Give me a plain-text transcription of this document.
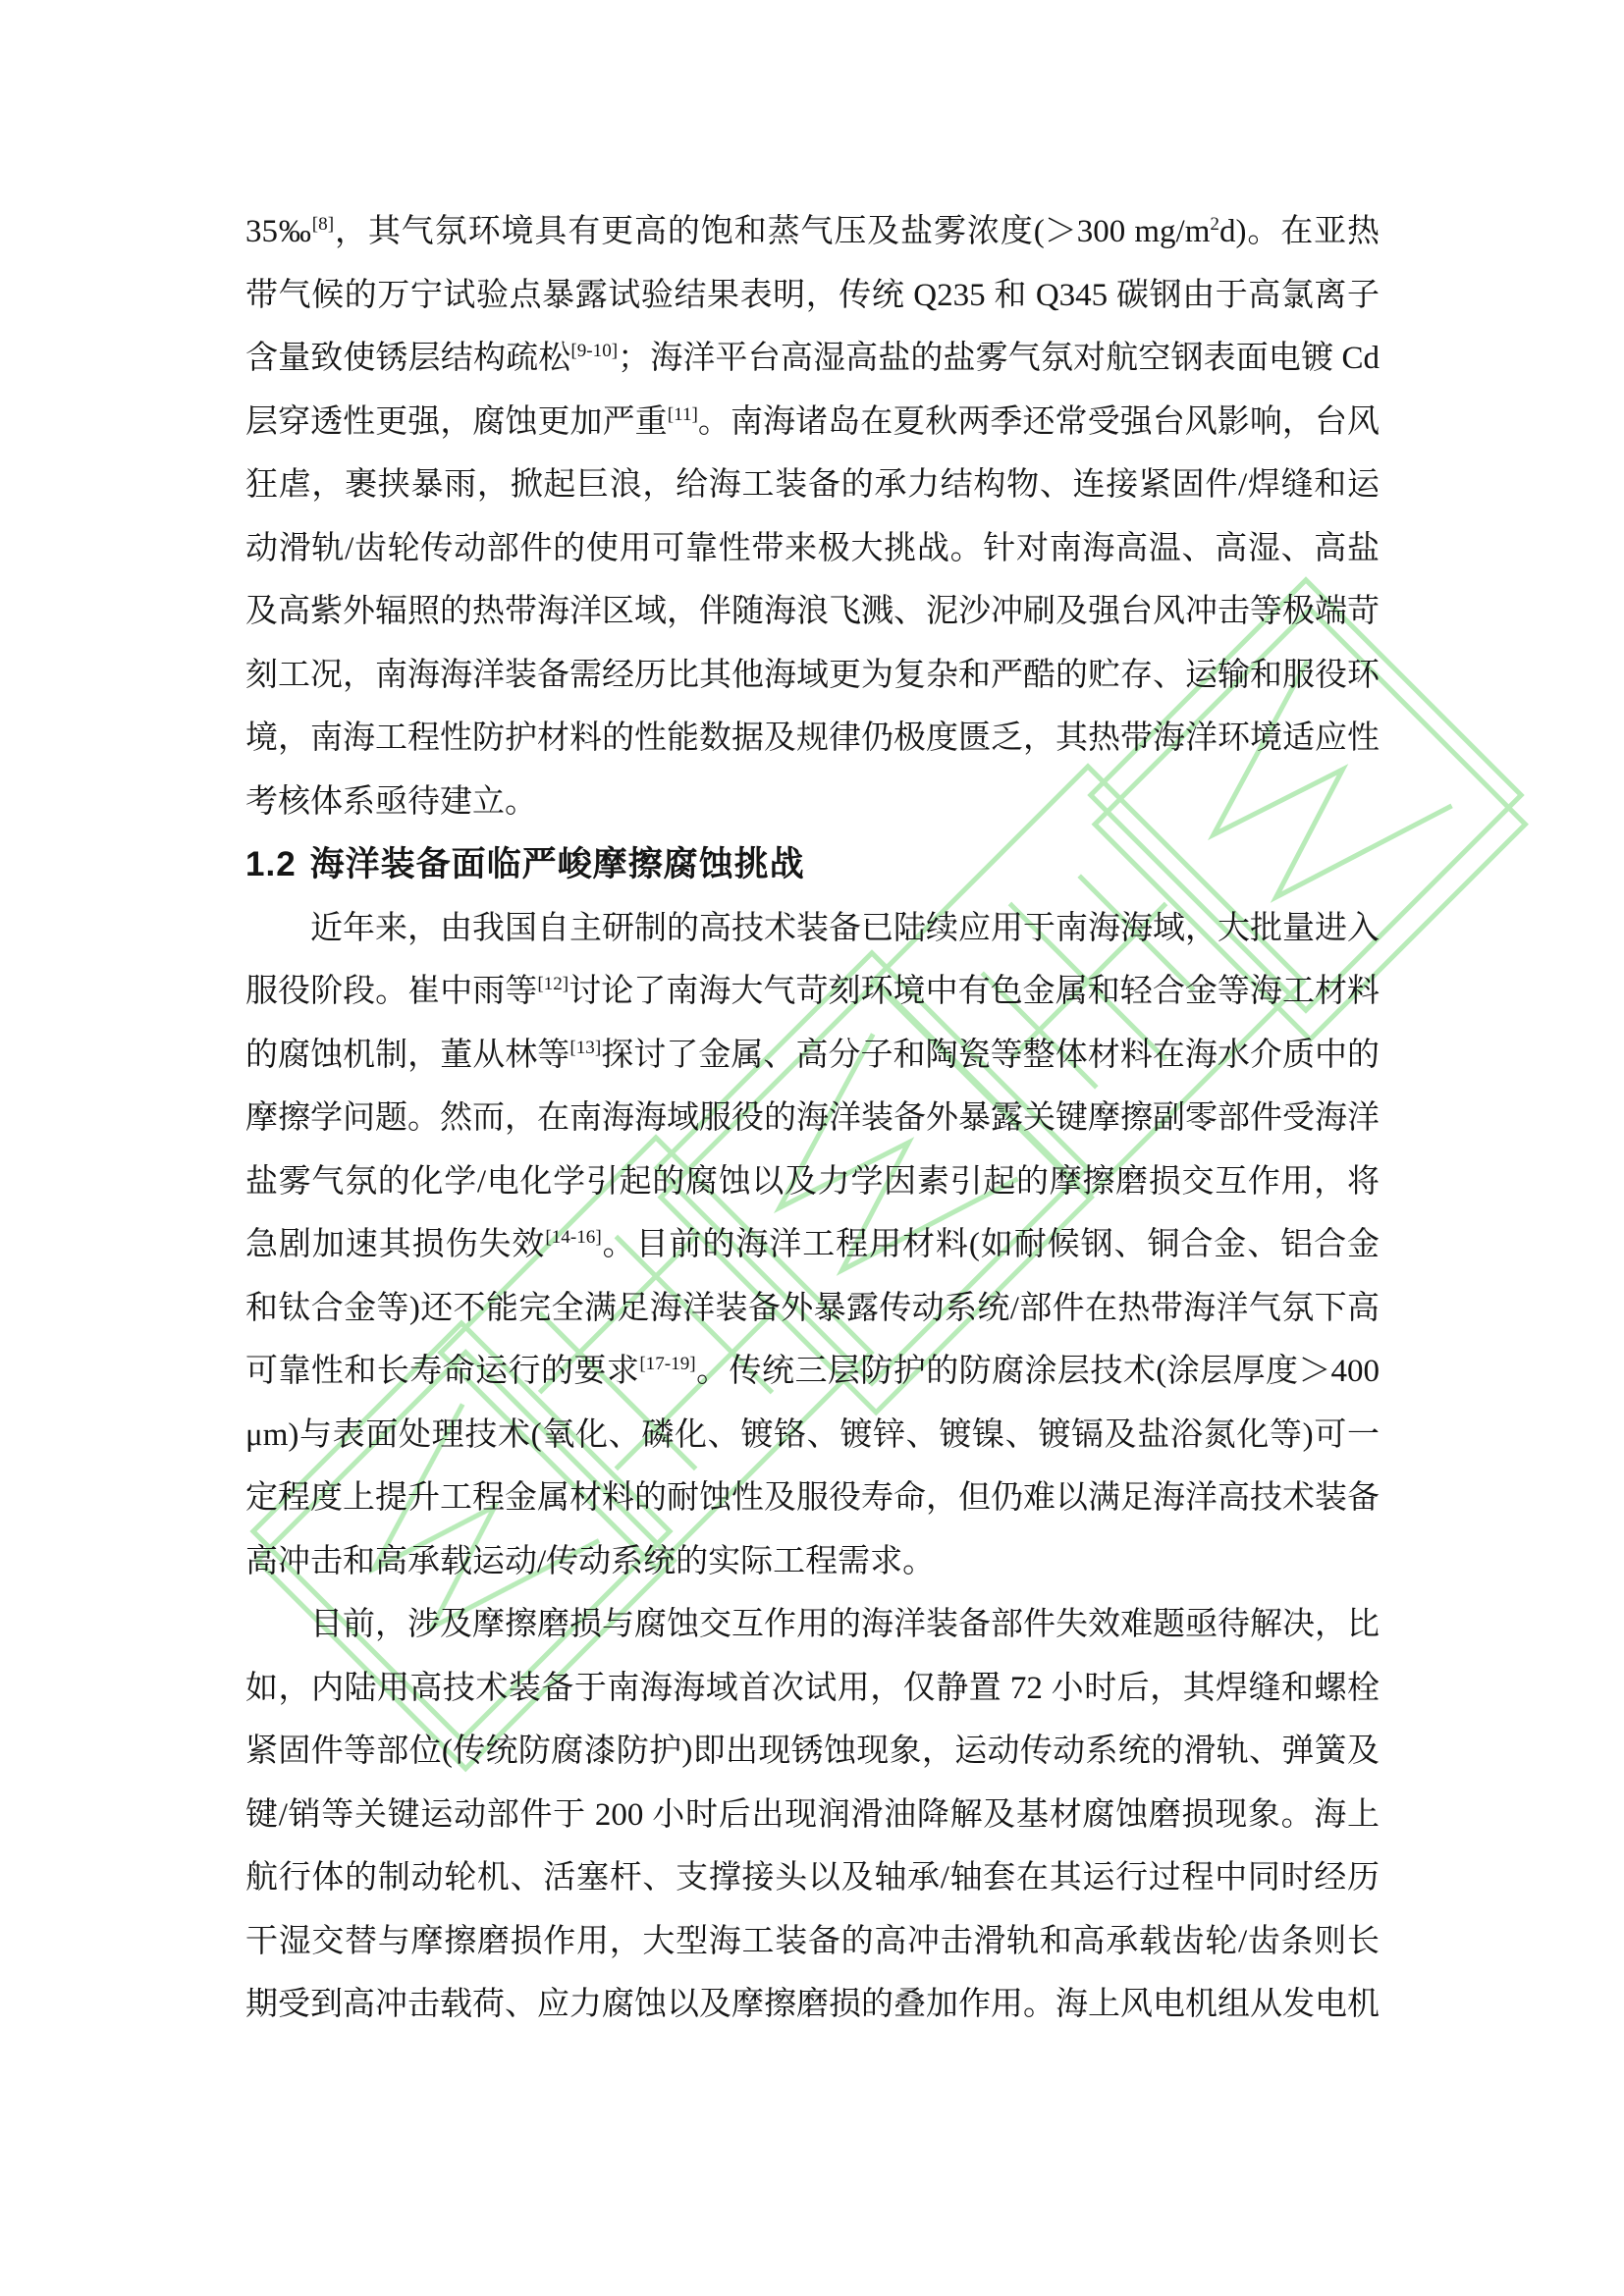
35‰[8]，其气氛环境具有更高的饱和蒸气压及盐雾浓度(＞300 $mg/m^2d$)。在亚热
带气候的万宁试验点暴露试验结果表明，传统 Q235 和 Q345 碳钢由于高氯离子
含量致使锈层结构疏松[9-10]；海洋平台高湿高盐的盐雾气氛对航空钢表面电镀 Cd
层穿透性更强，腐蚀更加严重[11]。南海诸岛在夏秋两季还常受强台风影响，台风
狂虐，裹挟暴雨，掀起巨浪，给海工装备的承力结构物、连接紧固件/焊缝和运
动滑轨/齿轮传动部件的使用可靠性带来极大挑战。针对南海高温、高湿、高盐
及高紫外辐照的热带海洋区域，伴随海浪飞溅、泥沙冲刷及强台风冲击等极端苛
刻工况，南海海洋装备需经历比其他海域更为复杂和严酷的贮存、运输和服役环
境，南海工程性防护材料的性能数据及规律仍极度匮乏，其热带海洋环境适应性
考核体系亟待建立。
1.2 海洋装备面临严峻摩擦腐蚀挑战
近年来，由我国自主研制的高技术装备已陆续应用于南海海域，大批量进入
服役阶段。崔中雨等[12]讨论了南海大气苛刻环境中有色金属和轻合金等海工材料
的腐蚀机制，董从林等[13]探讨了金属、高分子和陶瓷等整体材料在海水介质中的
摩擦学问题。然而，在南海海域服役的海洋装备外暴露关键摩擦副零部件受海洋
盐雾气氛的化学/电化学引起的腐蚀以及力学因素引起的摩擦磨损交互作用，将
急剧加速其损伤失效[14-16]。目前的海洋工程用材料(如耐候钢、铜合金、铝合金
和钛合金等)还不能完全满足海洋装备外暴露传动系统/部件在热带海洋气氛下高
可靠性和长寿命运行的要求[17-19]。传统三层防护的防腐涂层技术(涂层厚度＞400
μm)与表面处理技术(氧化、磷化、镀铬、镀锌、镀镍、镀镉及盐浴氮化等)可一
定程度上提升工程金属材料的耐蚀性及服役寿命，但仍难以满足海洋高技术装备
高冲击和高承载运动/传动系统的实际工程需求。
目前，涉及摩擦磨损与腐蚀交互作用的海洋装备部件失效难题亟待解决，比
如，内陆用高技术装备于南海海域首次试用，仅静置 72 小时后，其焊缝和螺栓
紧固件等部位(传统防腐漆防护)即出现锈蚀现象，运动传动系统的滑轨、弹簧及
键/销等关键运动部件于 200 小时后出现润滑油降解及基材腐蚀磨损现象。海上
航行体的制动轮机、活塞杆、支撑接头以及轴承/轴套在其运行过程中同时经历
干湿交替与摩擦磨损作用，大型海工装备的高冲击滑轨和高承载齿轮/齿条则长
期受到高冲击载荷、应力腐蚀以及摩擦磨损的叠加作用。海上风电机组从发电机
